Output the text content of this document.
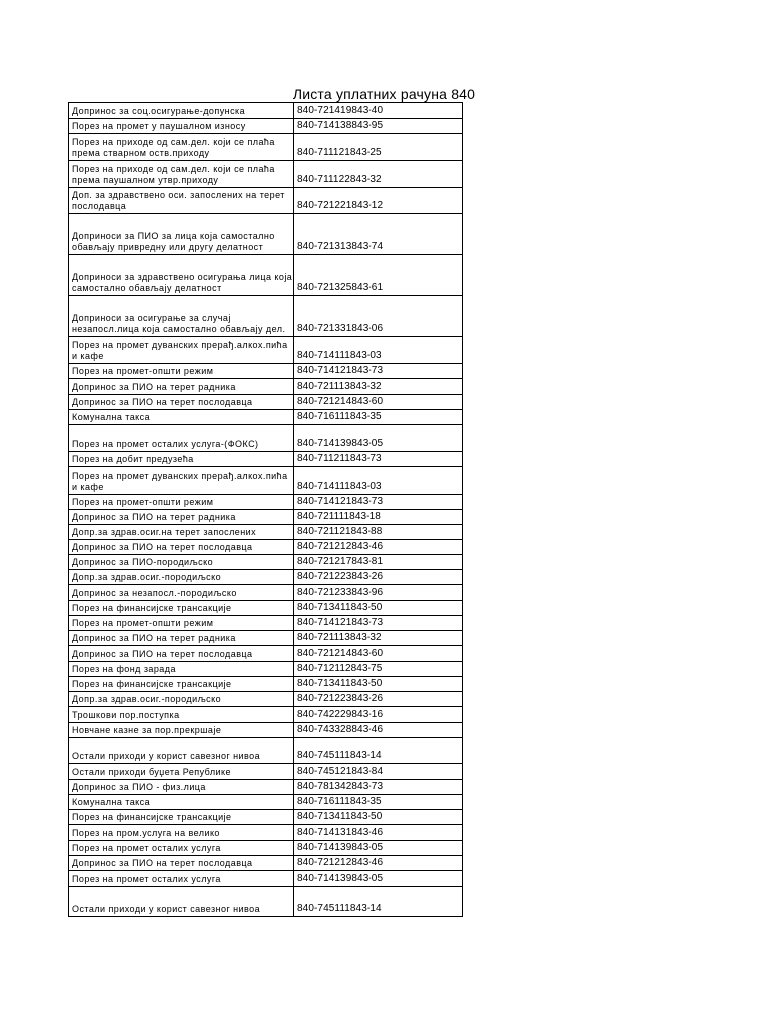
Листа уплатних рачуна 840
Допринос за соц.осигурање-допунска	840-721419843-40
Порез на промет у паушалном износу	840-714138843-95
Порез на приходе од сам.дел. који се плаћа према стварном оств.приходу	840-711121843-25
Порез на приходе од сам.дел. који се плаћа према паушалном утвр.приходу	840-711122843-32
Доп. за здравствено оси. запослених на терет послодавца	840-721221843-12
Доприноси за ПИО за лица која самостално обављају привредну или другу делатност	840-721313843-74
Доприноси за здравствено осигурања лица која самостално обављају делатност	840-721325843-61
Доприноси за осигурање за случај незапосл.лица која самостално обављају дел.	840-721331843-06
Порез на промет дуванских прерађ.алкох.пића и кафе	840-714111843-03
Порез на промет-општи режим	840-714121843-73
Допринос за ПИО на терет радника	840-721113843-32
Допринос за ПИО на терет послодавца	840-721214843-60
Комунална такса	840-716111843-35
Порез на промет осталих услуга-(ФОКС)	840-714139843-05
Порез на добит предузећа	840-711211843-73
Порез на промет дуванских прерађ.алкох.пића и кафе	840-714111843-03
Порез на промет-општи режим	840-714121843-73
Допринос за ПИО на терет радника	840-721111843-18
Допр.за здрав.осиг.на терет запослених	840-721121843-88
Допринос за ПИО на терет послодавца	840-721212843-46
Допринос за ПИО-породиљско	840-721217843-81
Допр.за здрав.осиг.-породиљско	840-721223843-26
Допринос за незапосл.-породиљско	840-721233843-96
Порез на финансијске трансакције	840-713411843-50
Порез на промет-општи режим	840-714121843-73
Допринос за ПИО на терет радника	840-721113843-32
Допринос за ПИО на терет послодавца	840-721214843-60
Порез на фонд зарада	840-712112843-75
Порез на финансијске трансакције	840-713411843-50
Допр.за здрав.осиг.-породиљско	840-721223843-26
Трошкови пор.поступка	840-742229843-16
Новчане казне за пор.прекршаје	840-743328843-46
Остали приходи у корист савезног нивоа	840-745111843-14
Остали приходи буџета Републике	840-745121843-84
Допринос за ПИО - физ.лица	840-781342843-73
Комунална такса	840-716111843-35
Порез на финансијске трансакције	840-713411843-50
Порез на пром.услуга на велико	840-714131843-46
Порез на промет осталих услуга	840-714139843-05
Допринос за ПИО на терет послодавца	840-721212843-46
Порез на промет осталих услуга	840-714139843-05
Остали приходи у корист савезног нивоа	840-745111843-14
